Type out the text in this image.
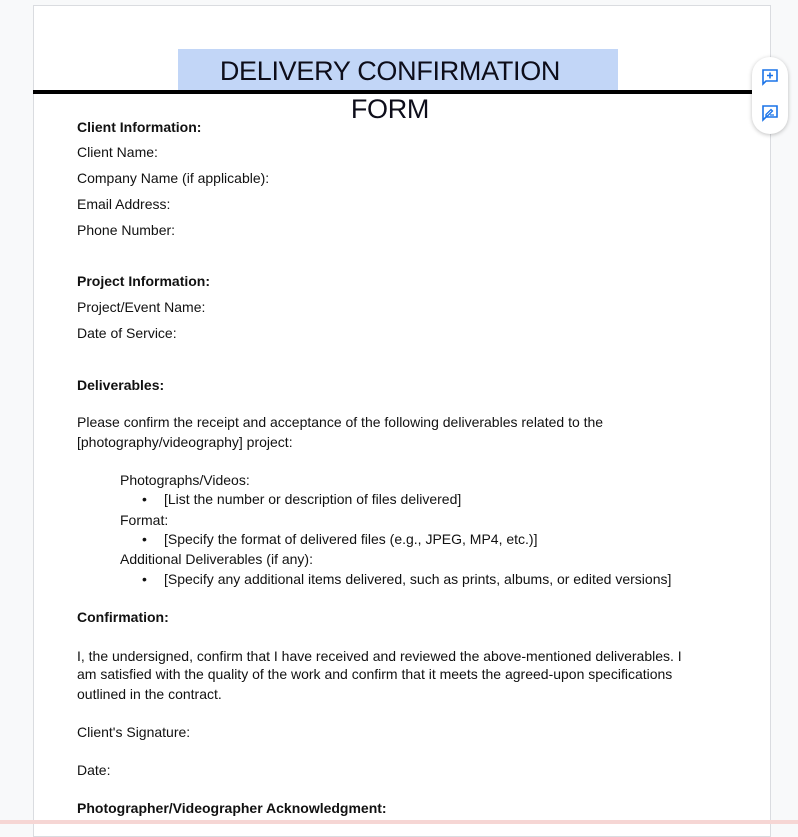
DELIVERY CONFIRMATION FORM
Client Information:
Client Name:
Company Name (if applicable):
Email Address:
Phone Number:
Project Information:
Project/Event Name:
Date of Service:
Deliverables:
Please confirm the receipt and acceptance of the following deliverables related to the
[photography/videography] project:
Photographs/Videos:
• [List the number or description of files delivered]
Format:
• [Specify the format of delivered files (e.g., JPEG, MP4, etc.)]
Additional Deliverables (if any):
• [Specify any additional items delivered, such as prints, albums, or edited versions]
Confirmation:
I, the undersigned, confirm that I have received and reviewed the above-mentioned deliverables. I
am satisfied with the quality of the work and confirm that it meets the agreed-upon specifications
outlined in the contract.
Client's Signature:
Date:
Photographer/Videographer Acknowledgment:
